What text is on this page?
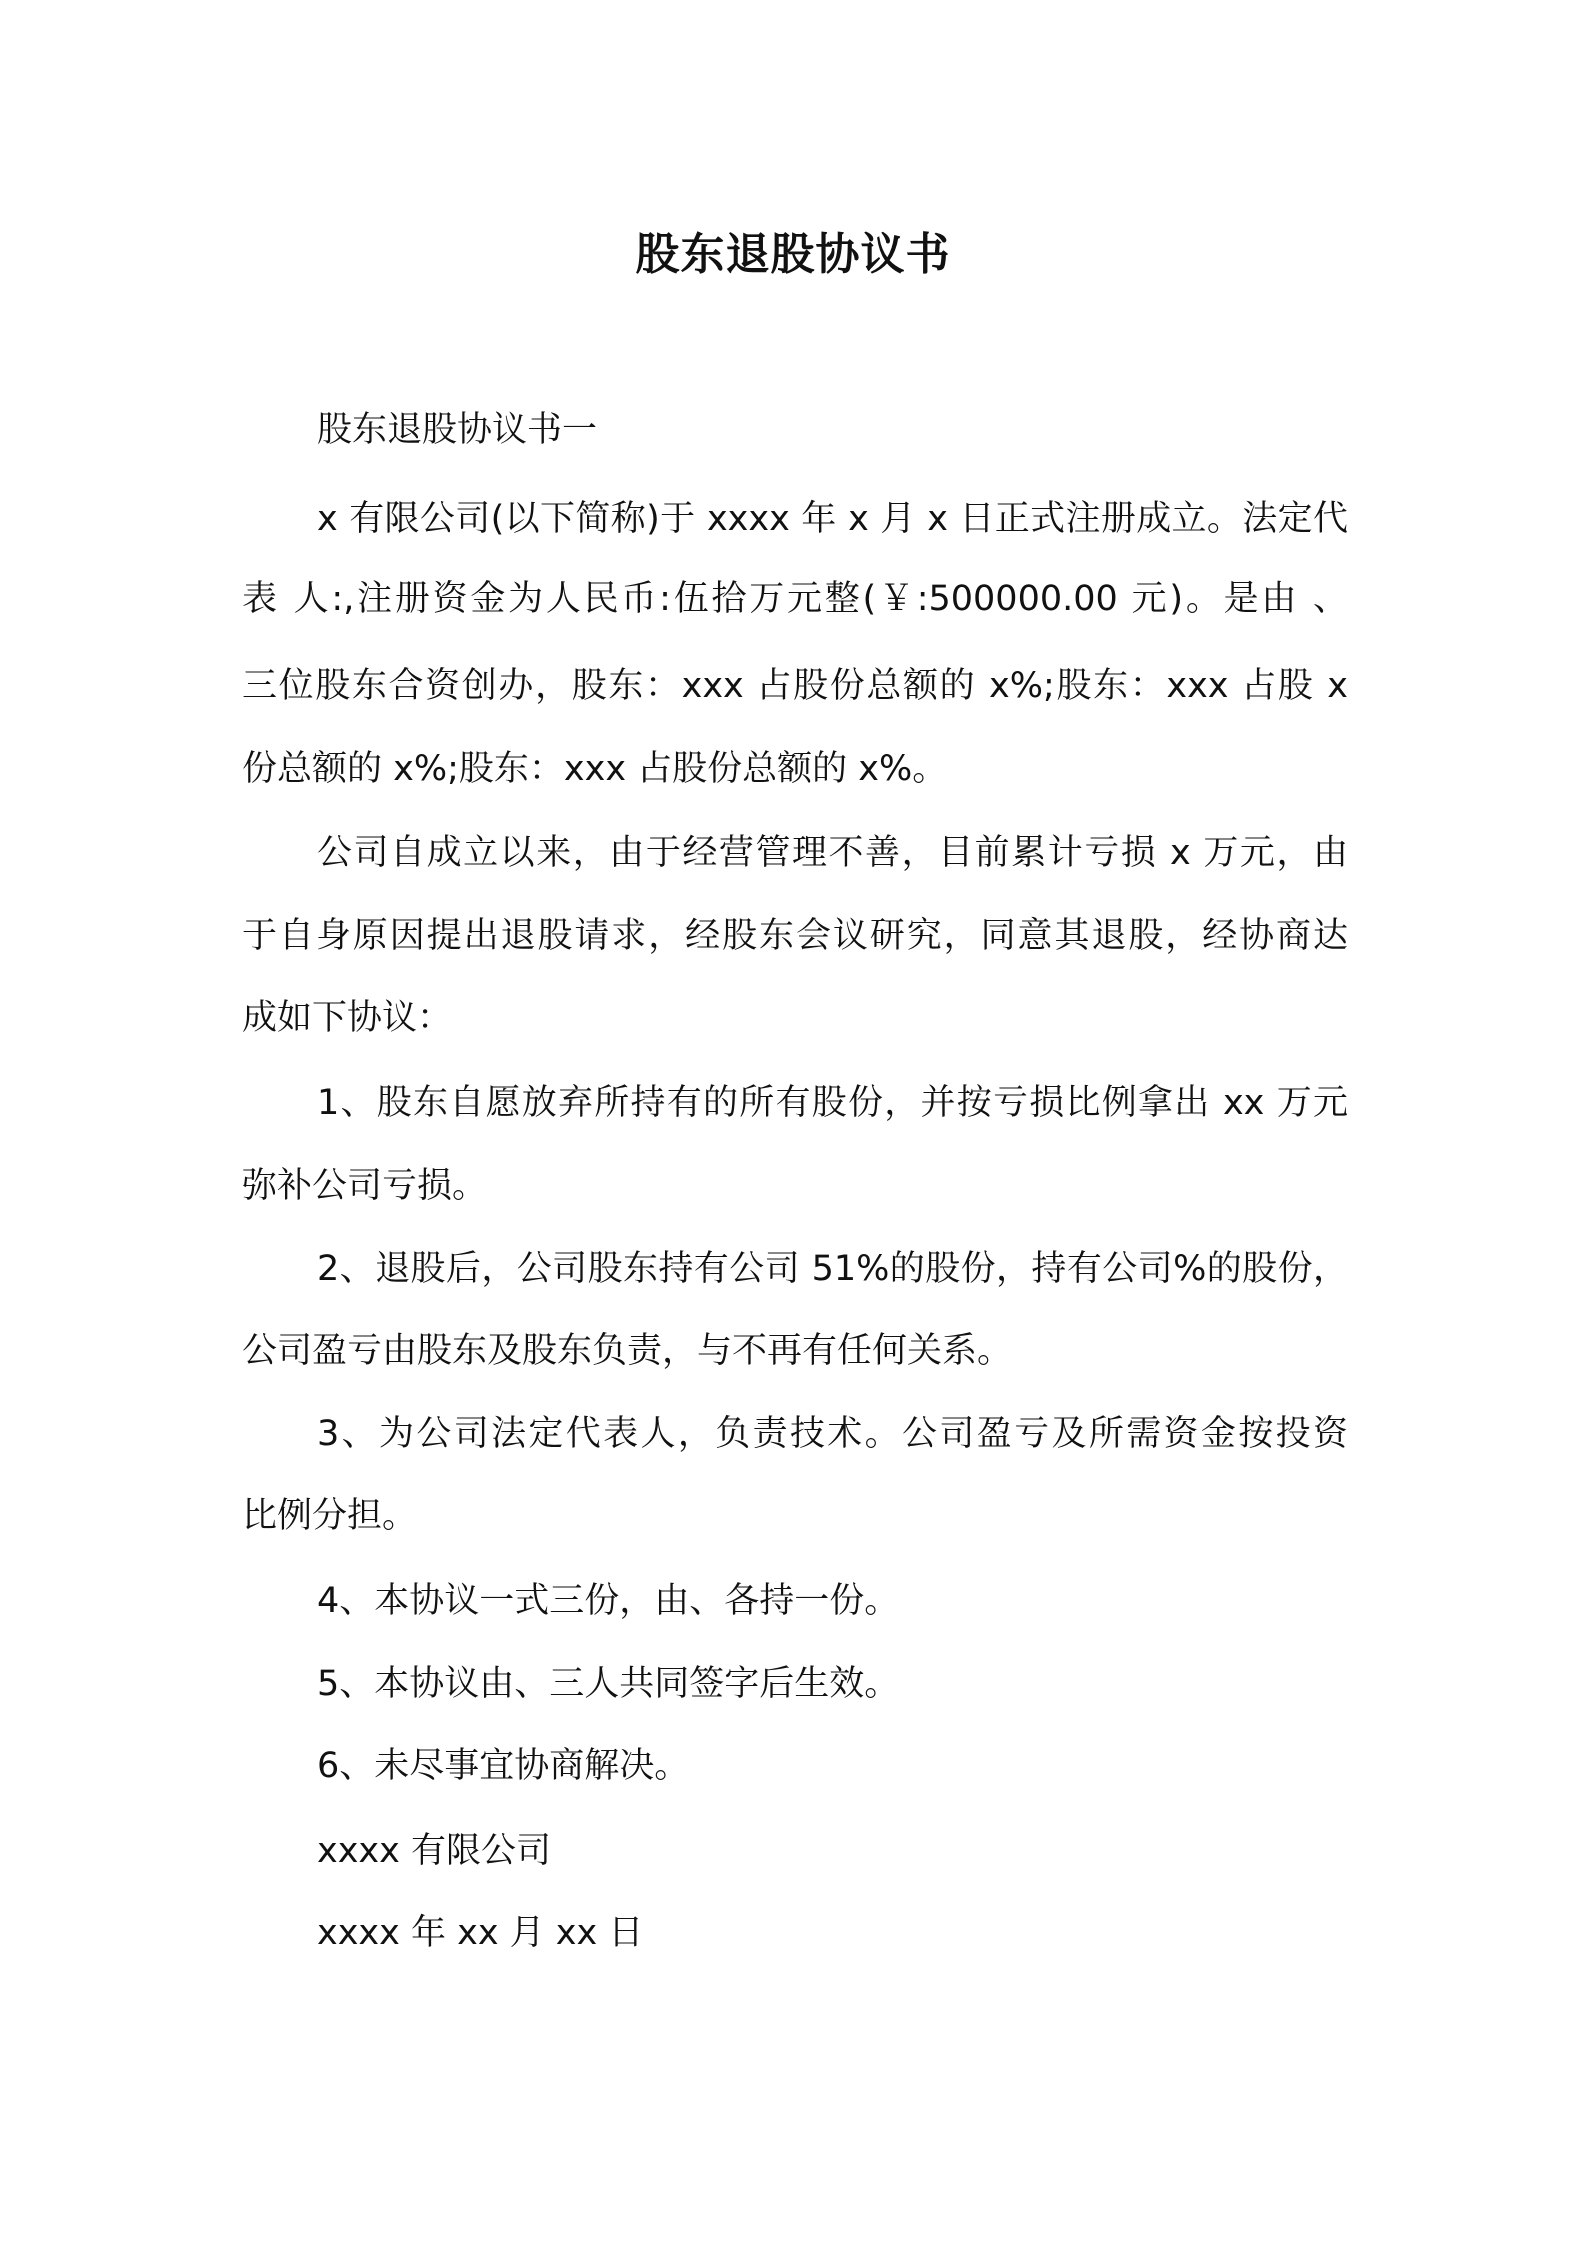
股东退股协议书
股东退股协议书一
x 有限公司(以下简称)于 xxxx 年 x 月 x 日正式注册成立。法定代
表 人:,注册资金为人民币:伍拾万元整(￥:500000.00 元)。是由 、
三位股东合资创办，股东：xxx 占股份总额的 x%;股东：xxx 占股 x
份总额的 x%;股东：xxx 占股份总额的 x%。
公司自成立以来，由于经营管理不善，目前累计亏损 x 万元，由
于自身原因提出退股请求，经股东会议研究，同意其退股，经协商达
成如下协议：
1、股东自愿放弃所持有的所有股份，并按亏损比例拿出 xx 万元
弥补公司亏损。
2、退股后，公司股东持有公司 51%的股份，持有公司%的股份，
公司盈亏由股东及股东负责，与不再有任何关系。
3、为公司法定代表人，负责技术。公司盈亏及所需资金按投资
比例分担。
4、本协议一式三份，由、各持一份。
5、本协议由、三人共同签字后生效。
6、未尽事宜协商解决。
xxxx 有限公司
xxxx 年 xx 月 xx 日
